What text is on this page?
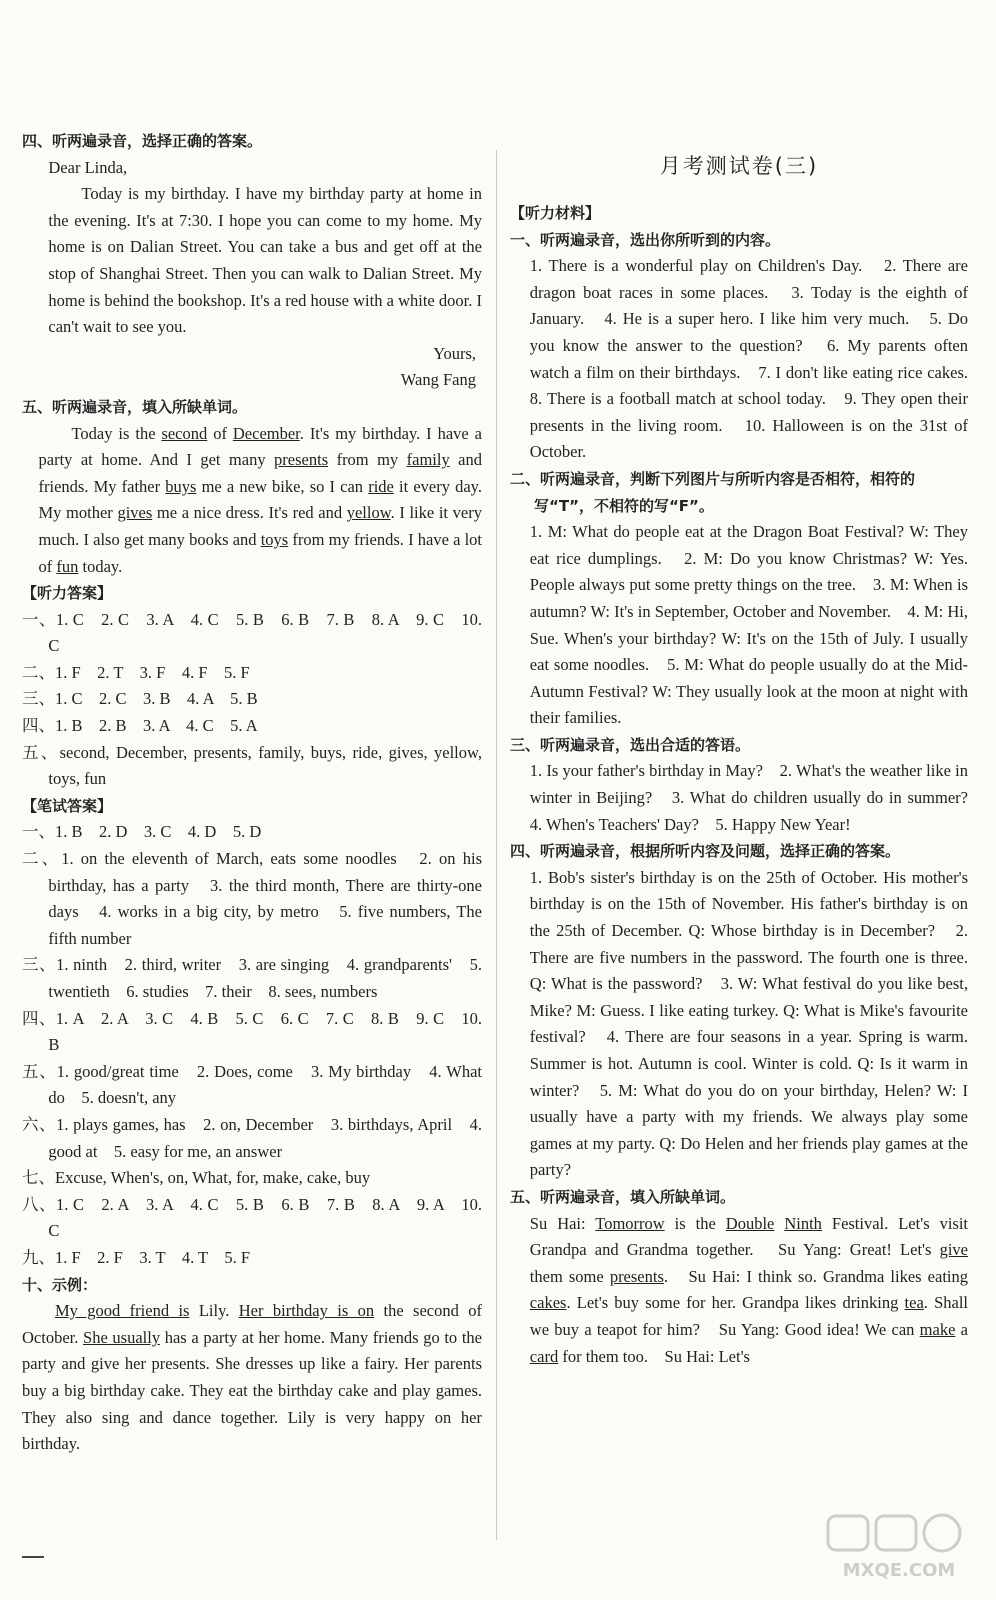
四、听两遍录音，选择正确的答案。

Dear Linda,

Today is my birthday. I have my birthday party at home in the evening. It's at 7:30. I hope you can come to my home. My home is on Dalian Street. You can take a bus and get off at the stop of Shanghai Street. Then you can walk to Dalian Street. My home is behind the bookshop. It's a red house with a white door. I can't wait to see you.

Yours,

Wang Fang

五、听两遍录音，填入所缺单词。

Today is the second of December. It's my birthday. I have a party at home. And I get many presents from my family and friends. My father buys me a new bike, so I can ride it every day. My mother gives me a nice dress. It's red and yellow. I like it very much. I also get many books and toys from my friends. I have a lot of fun today.

【听力答案】

一、1. C　2. C　3. A　4. C　5. B　6. B　7. B　8. A　9. C　10. C

二、1. F　2. T　3. F　4. F　5. F

三、1. C　2. C　3. B　4. A　5. B

四、1. B　2. B　3. A　4. C　5. A

五、second, December, presents, family, buys, ride, gives, yellow, toys, fun

【笔试答案】

一、1. B　2. D　3. C　4. D　5. D

二、1. on the eleventh of March, eats some noodles　2. on his birthday, has a party　3. the third month, There are thirty-one days　4. works in a big city, by metro　5. five numbers, The fifth number

三、1. ninth　2. third, writer　3. are singing　4. grandparents'　5. twentieth　6. studies　7. their　8. sees, numbers

四、1. A　2. A　3. C　4. B　5. C　6. C　7. C　8. B　9. C　10. B

五、1. good/great time　2. Does, come　3. My birthday　4. What do　5. doesn't, any

六、1. plays games, has　2. on, December　3. birthdays, April　4. good at　5. easy for me, an answer

七、Excuse, When's, on, What, for, make, cake, buy

八、1. C　2. A　3. A　4. C　5. B　6. B　7. B　8. A　9. A　10. C

九、1. F　2. F　3. T　4. T　5. F

十、示例：

My good friend is Lily. Her birthday is on the second of October. She usually has a party at her home. Many friends go to the party and give her presents. She dresses up like a fairy. Her parents buy a big birthday cake. They eat the birthday cake and play games. They also sing and dance together. Lily is very happy on her birthday.

月考测试卷(三)
【听力材料】
一、听两遍录音，选出你所听到的内容。

1. There is a wonderful play on Children's Day.　2. There are dragon boat races in some places.　3. Today is the eighth of January.　4. He is a super hero. I like him very much.　5. Do you know the answer to the question?　6. My parents often watch a film on their birthdays.　7. I don't like eating rice cakes.　8. There is a football match at school today.　9. They open their presents in the living room.　10. Halloween is on the 31st of October.

二、听两遍录音，判断下列图片与所听内容是否相符，相符的写“T”，不相符的写“F”。

1. M: What do people eat at the Dragon Boat Festival? W: They eat rice dumplings.　2. M: Do you know Christmas? W: Yes. People always put some pretty things on the tree.　3. M: When is autumn? W: It's in September, October and November.　4. M: Hi, Sue. When's your birthday? W: It's on the 15th of July. I usually eat some noodles.　5. M: What do people usually do at the Mid-Autumn Festival? W: They usually look at the moon at night with their families.

三、听两遍录音，选出合适的答语。

1. Is your father's birthday in May?　2. What's the weather like in winter in Beijing?　3. What do children usually do in summer?　4. When's Teachers' Day?　5. Happy New Year!

四、听两遍录音，根据所听内容及问题，选择正确的答案。

1. Bob's sister's birthday is on the 25th of October. His mother's birthday is on the 15th of November. His father's birthday is on the 25th of December. Q: Whose birthday is in December?　2. There are five numbers in the password. The fourth one is three. Q: What is the password?　3. W: What festival do you like best, Mike? M: Guess. I like eating turkey. Q: What is Mike's favourite festival?　4. There are four seasons in a year. Spring is warm. Summer is hot. Autumn is cool. Winter is cold. Q: Is it warm in winter?　5. M: What do you do on your birthday, Helen? W: I usually have a party with my friends. We always play some games at my party. Q: Do Helen and her friends play games at the party?

五、听两遍录音，填入所缺单词。

Su Hai: Tomorrow is the Double Ninth Festival. Let's visit Grandpa and Grandma together.　Su Yang: Great! Let's give them some presents.　Su Hai: I think so. Grandma likes eating cakes. Let's buy some for her. Grandpa likes drinking tea. Shall we buy a teapot for him?　Su Yang: Good idea! We can make a card for them too.　Su Hai: Let's

MXQE.COM
